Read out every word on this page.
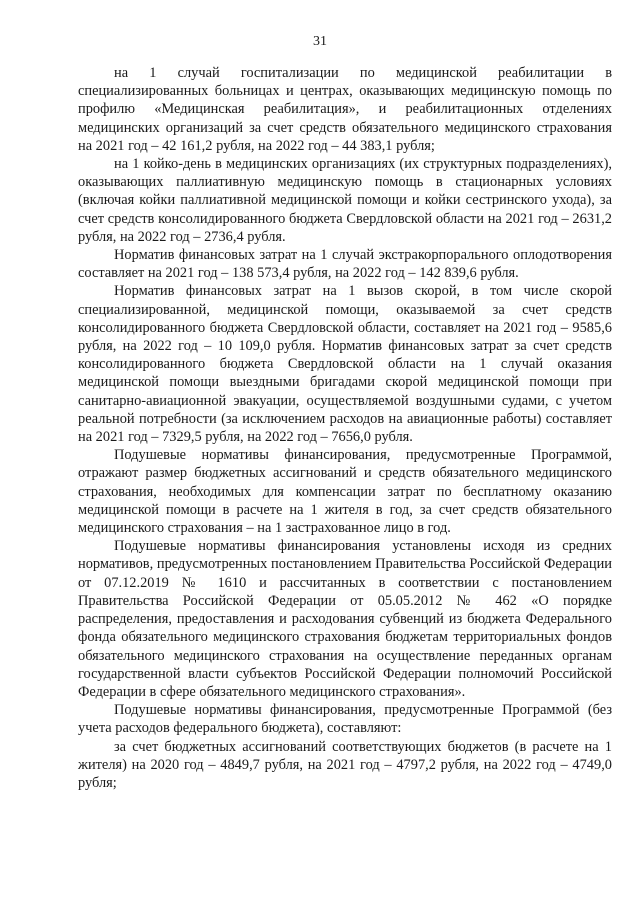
31

на 1 случай госпитализации по медицинской реабилитации в специализированных больницах и центрах, оказывающих медицинскую помощь по профилю «Медицинская реабилитация», и реабилитационных отделениях медицинских организаций за счет средств обязательного медицинского страхования на 2021 год – 42 161,2 рубля, на 2022 год – 44 383,1 рубля;

на 1 койко-день в медицинских организациях (их структурных подразделениях), оказывающих паллиативную медицинскую помощь в стационарных условиях (включая койки паллиативной медицинской помощи и койки сестринского ухода), за счет средств консолидированного бюджета Свердловской области на 2021 год – 2631,2 рубля, на 2022 год – 2736,4 рубля.

Норматив финансовых затрат на 1 случай экстракорпорального оплодотворения составляет на 2021 год – 138 573,4 рубля, на 2022 год – 142 839,6 рубля.

Норматив финансовых затрат на 1 вызов скорой, в том числе скорой специализированной, медицинской помощи, оказываемой за счет средств консолидированного бюджета Свердловской области, составляет на 2021 год – 9585,6 рубля, на 2022 год – 10 109,0 рубля. Норматив финансовых затрат за счет средств консолидированного бюджета Свердловской области на 1 случай оказания медицинской помощи выездными бригадами скорой медицинской помощи при санитарно-авиационной эвакуации, осуществляемой воздушными судами, с учетом реальной потребности (за исключением расходов на авиационные работы) составляет на 2021 год – 7329,5 рубля, на 2022 год – 7656,0 рубля.

Подушевые нормативы финансирования, предусмотренные Программой, отражают размер бюджетных ассигнований и средств обязательного медицинского страхования, необходимых для компенсации затрат по бесплатному оказанию медицинской помощи в расчете на 1 жителя в год, за счет средств обязательного медицинского страхования – на 1 застрахованное лицо в год.

Подушевые нормативы финансирования установлены исходя из средних нормативов, предусмотренных постановлением Правительства Российской Федерации от 07.12.2019 № 1610 и рассчитанных в соответствии с постановлением Правительства Российской Федерации от 05.05.2012 № 462 «О порядке распределения, предоставления и расходования субвенций из бюджета Федерального фонда обязательного медицинского страхования бюджетам территориальных фондов обязательного медицинского страхования на осуществление переданных органам государственной власти субъектов Российской Федерации полномочий Российской Федерации в сфере обязательного медицинского страхования».

Подушевые нормативы финансирования, предусмотренные Программой (без учета расходов федерального бюджета), составляют:

за счет бюджетных ассигнований соответствующих бюджетов (в расчете на 1 жителя) на 2020 год – 4849,7 рубля, на 2021 год – 4797,2 рубля, на 2022 год – 4749,0 рубля;
